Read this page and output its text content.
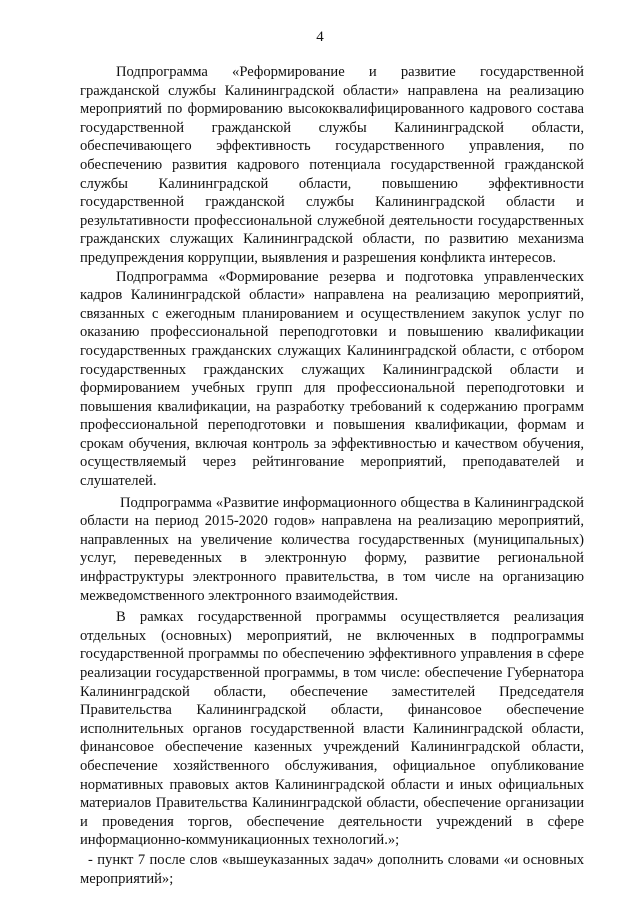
4

Подпрограмма «Реформирование и развитие государственной гражданской службы Калининградской области» направлена на реализацию мероприятий по формированию высококвалифицированного кадрового состава государственной гражданской службы Калининградской области, обеспечивающего эффективность государственного управления, по обеспечению развития кадрового потенциала государственной гражданской службы Калининградской области, повышению эффективности государственной гражданской службы Калининградской области и результативности профессиональной служебной деятельности государственных гражданских служащих Калининградской области, по развитию механизма предупреждения коррупции, выявления и разрешения конфликта интересов.

Подпрограмма «Формирование резерва и подготовка управленческих кадров Калининградской области» направлена на реализацию мероприятий, связанных с ежегодным планированием и осуществлением закупок услуг по оказанию профессиональной переподготовки и повышению квалификации государственных гражданских служащих Калининградской области, с отбором государственных гражданских служащих Калининградской области и формированием учебных групп для профессиональной переподготовки и повышения квалификации, на разработку требований к содержанию программ профессиональной переподготовки и повышения квалификации, формам и срокам обучения, включая контроль за эффективностью и качеством обучения, осуществляемый через рейтингование мероприятий, преподавателей и слушателей.

Подпрограмма «Развитие информационного общества в Калининградской области на период 2015-2020 годов» направлена на реализацию мероприятий, направленных на увеличение количества государственных (муниципальных) услуг, переведенных в электронную форму, развитие региональной инфраструктуры электронного правительства, в том числе на организацию межведомственного электронного взаимодействия.

В рамках государственной программы осуществляется реализация отдельных (основных) мероприятий, не включенных в подпрограммы государственной программы по обеспечению эффективного управления в сфере реализации государственной программы, в том числе: обеспечение Губернатора Калининградской области, обеспечение заместителей Председателя Правительства Калининградской области, финансовое обеспечение исполнительных органов государственной власти Калининградской области, финансовое обеспечение казенных учреждений Калининградской области, обеспечение хозяйственного обслуживания, официальное опубликование нормативных правовых актов Калининградской области и иных официальных материалов Правительства Калининградской области, обеспечение организации и проведения торгов, обеспечение деятельности учреждений в сфере информационно-коммуникационных технологий.»;

- пункт 7 после слов «вышеуказанных задач» дополнить словами «и основных мероприятий»;
